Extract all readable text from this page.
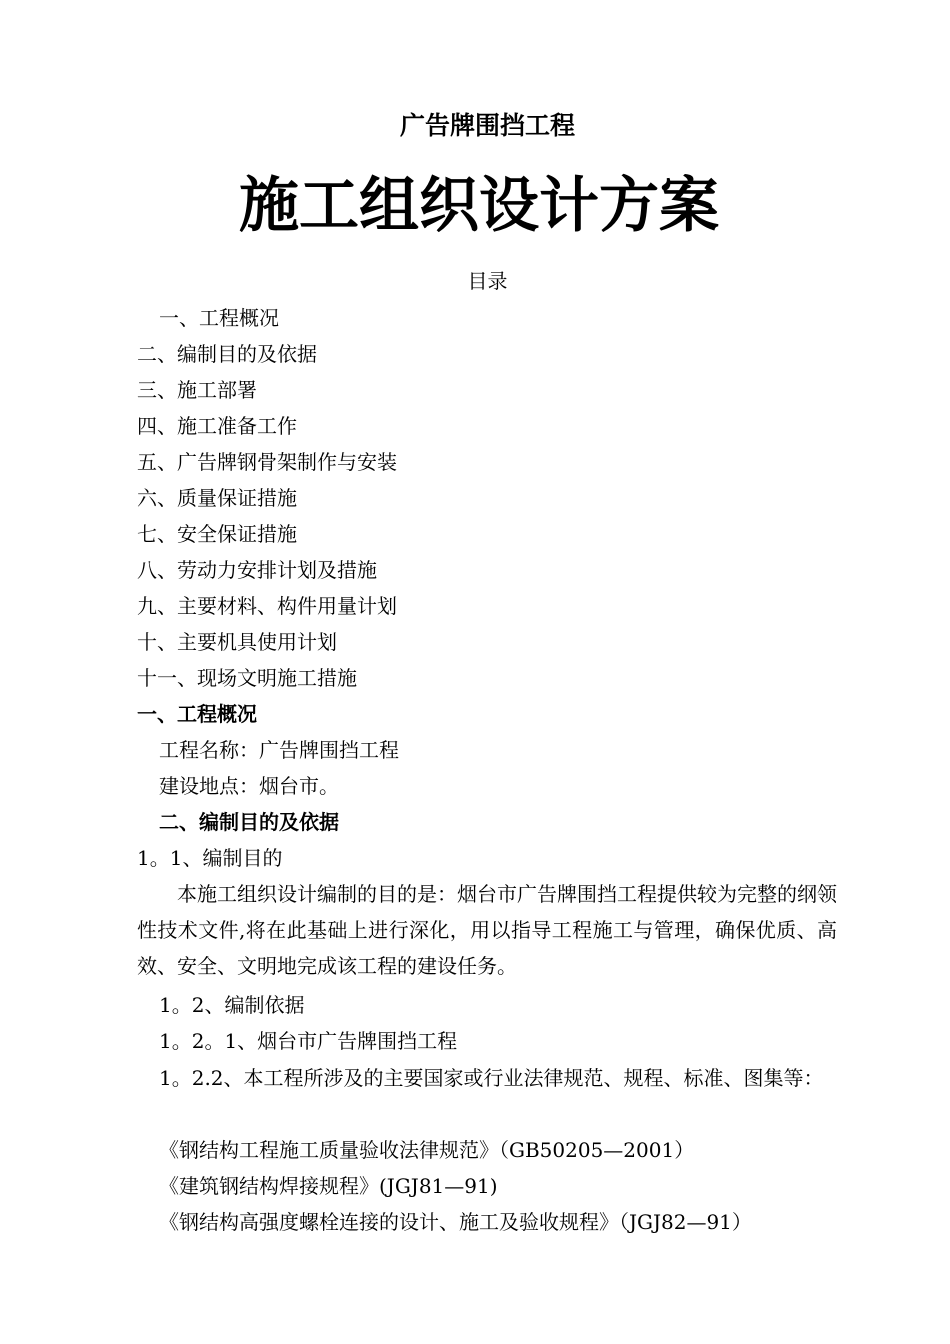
广告牌围挡工程
施工组织设计方案
目录
一、工程概况
二、编制目的及依据
三、施工部署
四、施工准备工作
五、广告牌钢骨架制作与安装
六、质量保证措施
七、安全保证措施
八、劳动力安排计划及措施
九、主要材料、构件用量计划
十、主要机具使用计划
十一、现场文明施工措施
一、工程概况
工程名称：广告牌围挡工程
建设地点：烟台市。
二、编制目的及依据
1。1、编制目的
本施工组织设计编制的目的是：烟台市广告牌围挡工程提供较为完整的纲领性技术文件,将在此基础上进行深化，用以指导工程施工与管理，确保优质、高效、安全、文明地完成该工程的建设任务。
1。2、编制依据
1。2。1、烟台市广告牌围挡工程
1。2.2、本工程所涉及的主要国家或行业法律规范、规程、标准、图集等：
《钢结构工程施工质量验收法律规范》（GB50205—2001）
《建筑钢结构焊接规程》(JGJ81—91)
《钢结构高强度螺栓连接的设计、施工及验收规程》（JGJ82—91）
